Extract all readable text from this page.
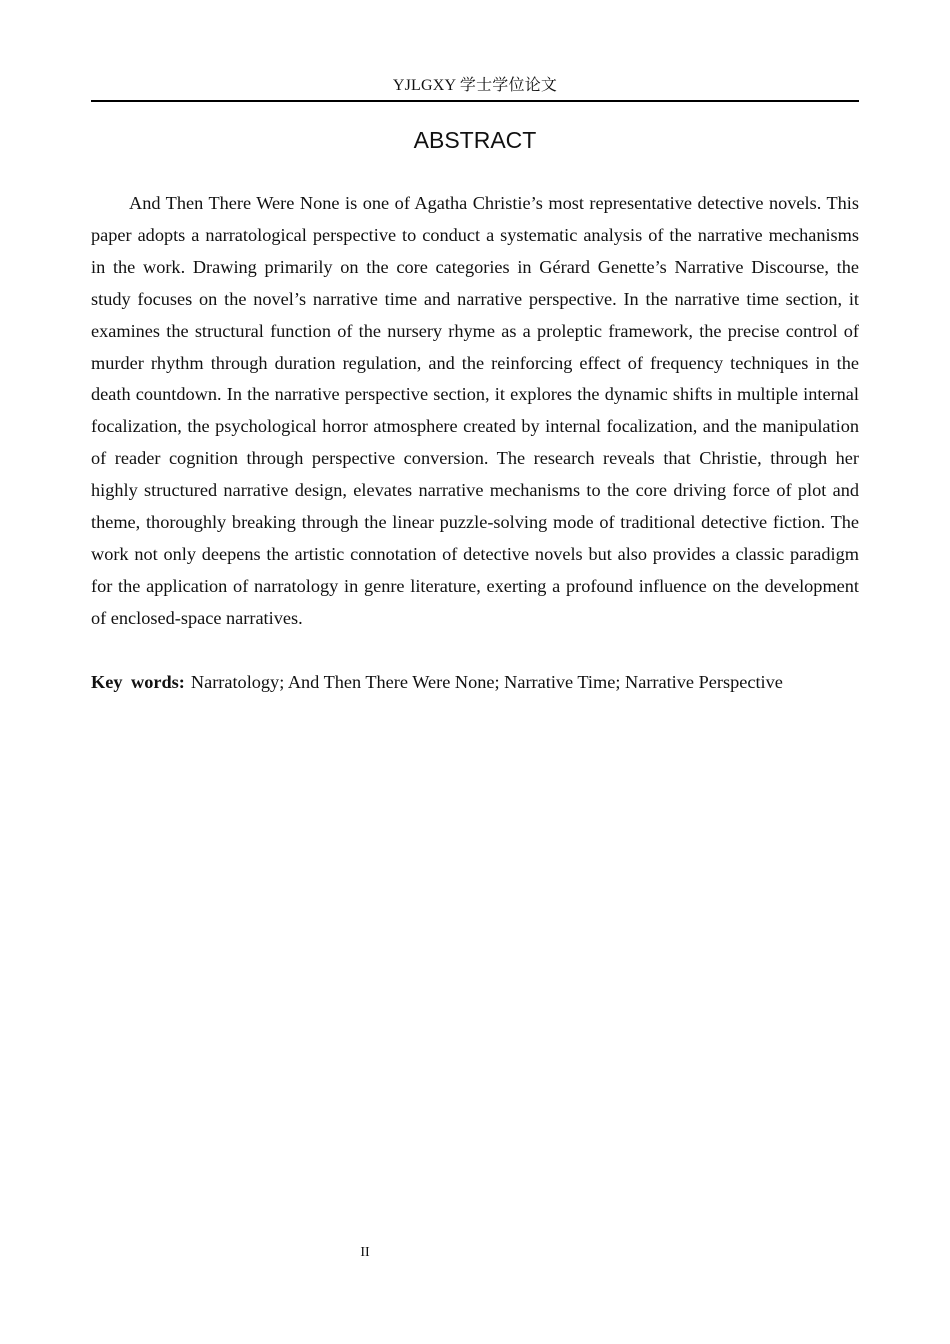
YJLGXY 学士学位论文
ABSTRACT

And Then There Were None is one of Agatha Christie’s most representative detective novels. This paper adopts a narratological perspective to conduct a systematic analysis of the narrative mechanisms in the work. Drawing primarily on the core categories in Gérard Genette’s Narrative Discourse, the study focuses on the novel’s narrative time and narrative perspective. In the narrative time section, it examines the structural function of the nursery rhyme as a proleptic framework, the precise control of murder rhythm through duration regulation, and the reinforcing effect of frequency techniques in the death countdown. In the narrative perspective section, it explores the dynamic shifts in multiple internal focalization, the psychological horror atmosphere created by internal focalization, and the manipulation of reader cognition through perspective conversion. The research reveals that Christie, through her highly structured narrative design, elevates narrative mechanisms to the core driving force of plot and theme, thoroughly breaking through the linear puzzle-solving mode of traditional detective fiction. The work not only deepens the artistic connotation of detective novels but also provides a classic paradigm for the application of narratology in genre literature, exerting a profound influence on the development of enclosed-space narratives.

Key words: Narratology; And Then There Were None; Narrative Time; Narrative Perspective

II
